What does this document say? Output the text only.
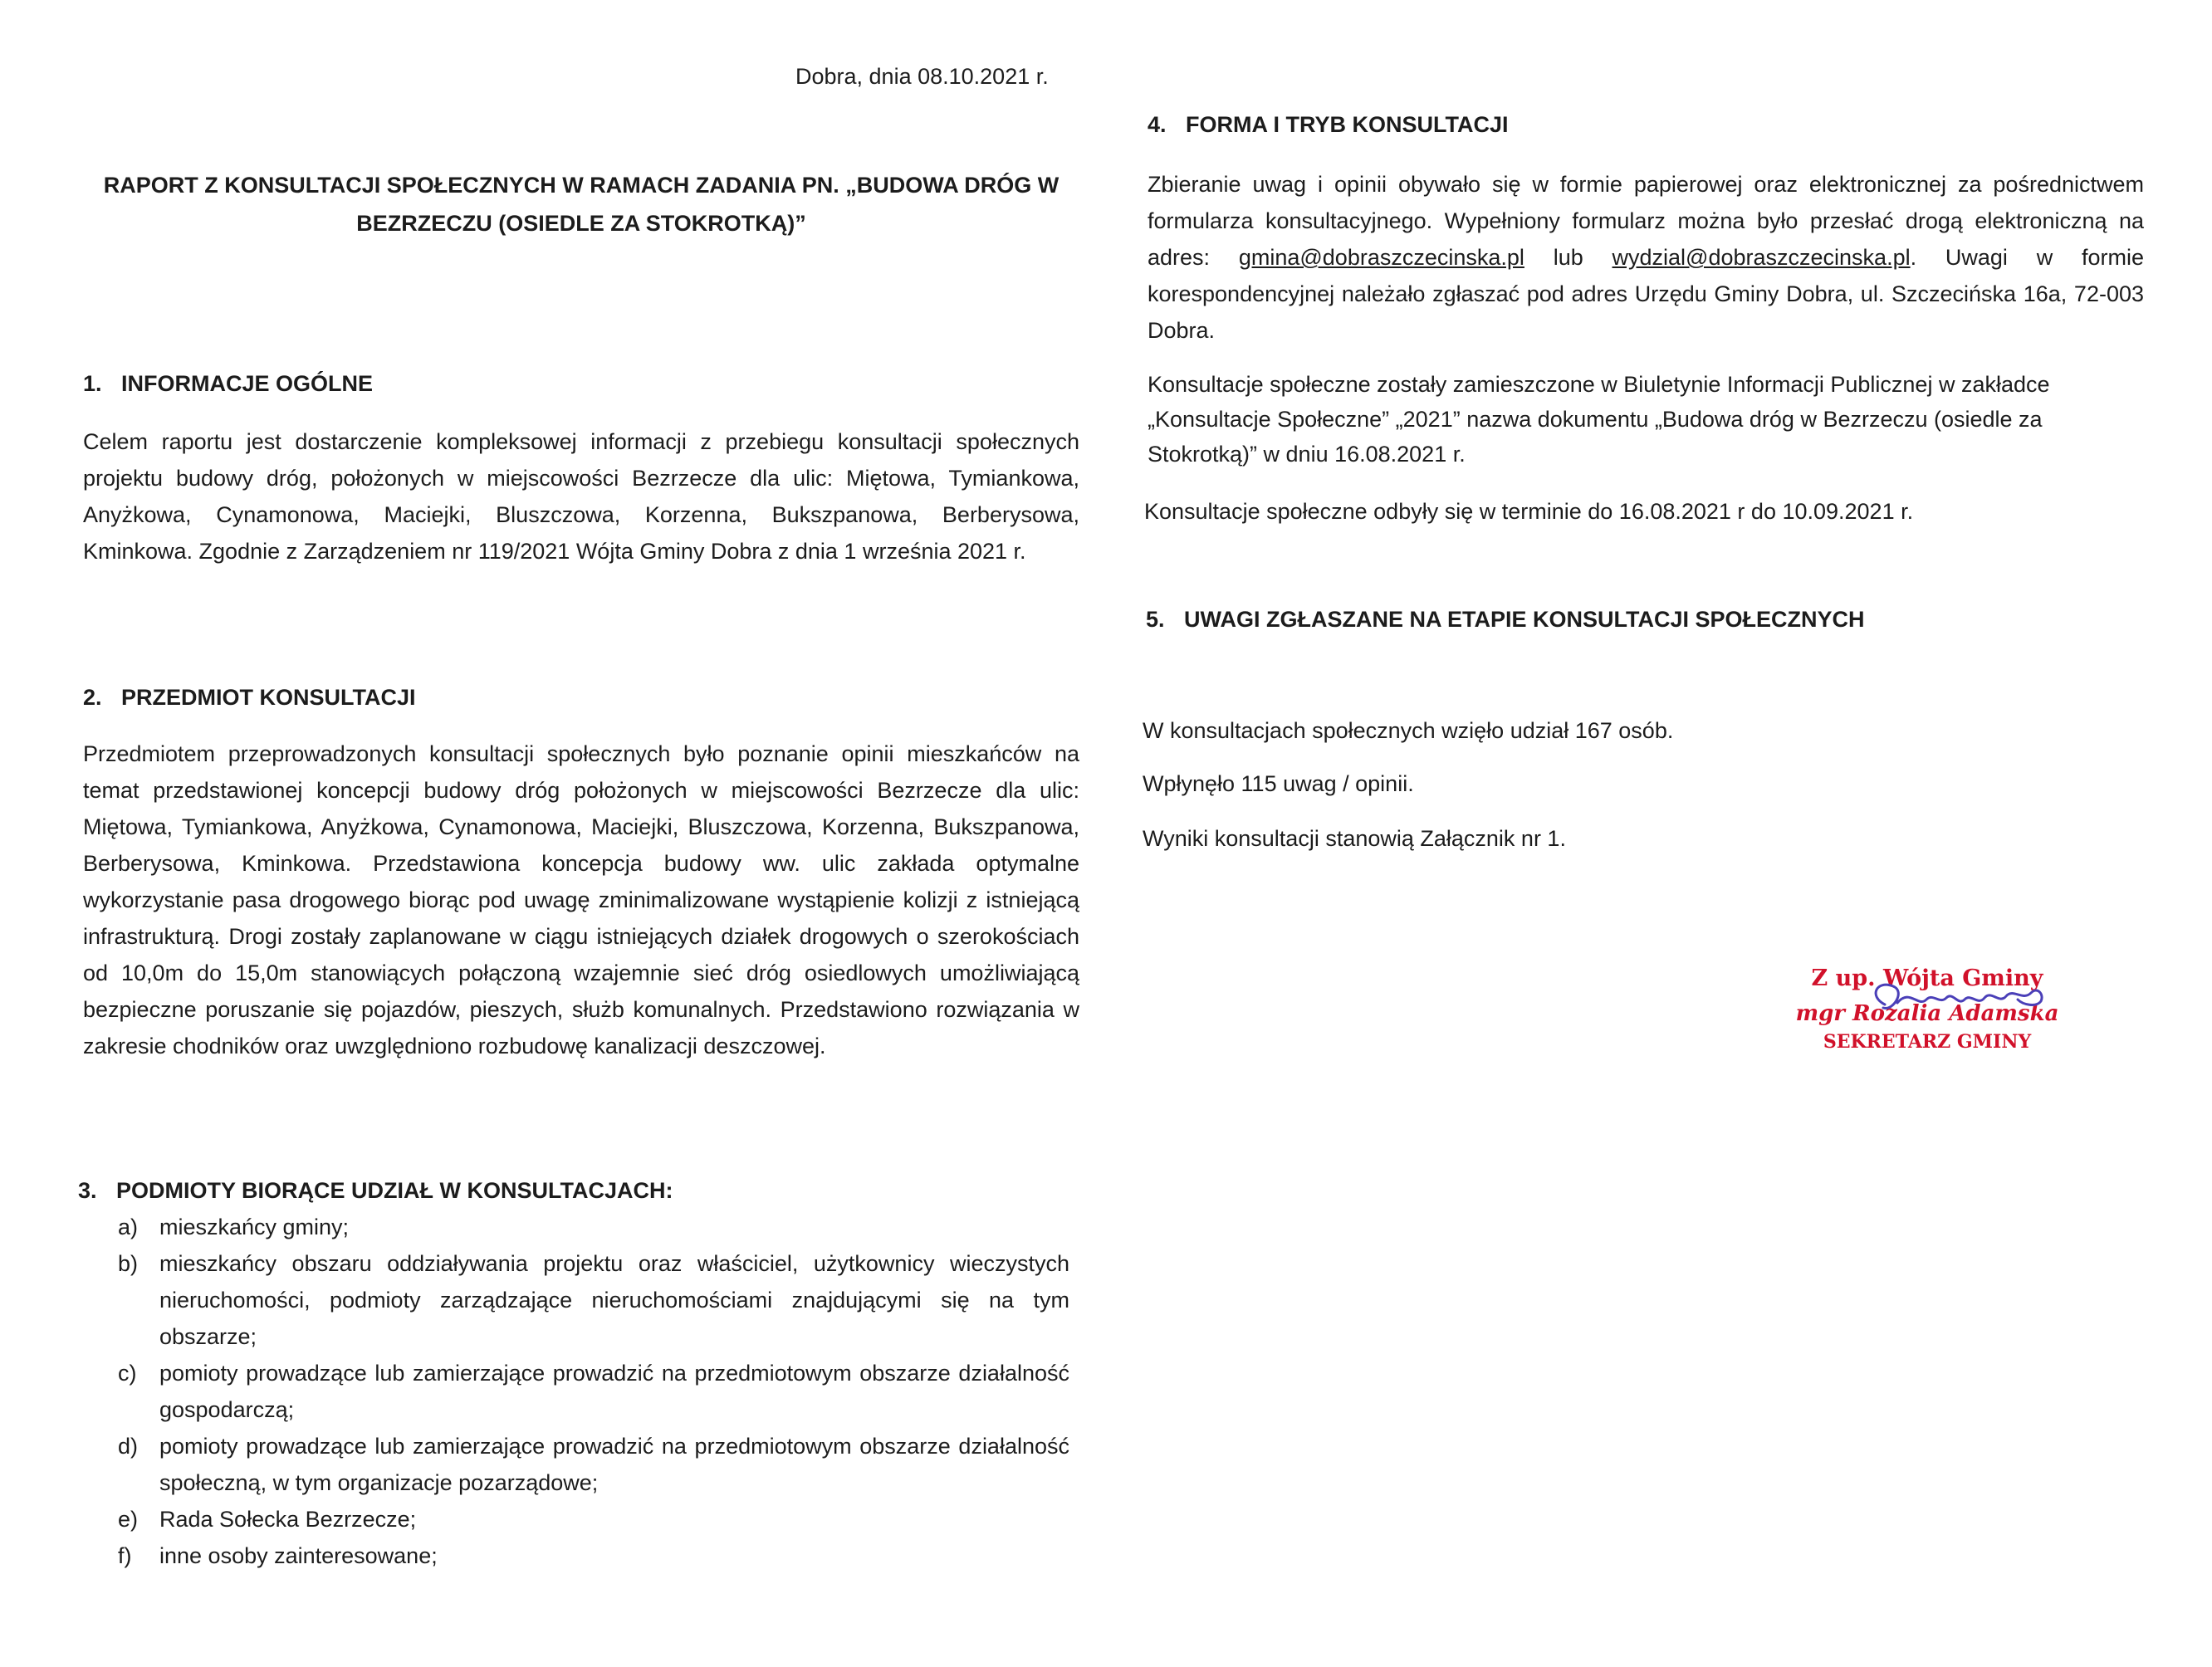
Dobra, dnia 08.10.2021 r.
RAPORT Z KONSULTACJI SPOŁECZNYCH W RAMACH ZADANIA PN. „BUDOWA DRÓG W BEZRZECZU (OSIEDLE ZA STOKROTKĄ)”
1. INFORMACJE OGÓLNE
Celem raportu jest dostarczenie kompleksowej informacji z przebiegu konsultacji społecznych projektu budowy dróg, położonych w miejscowości Bezrzecze dla ulic: Miętowa, Tymiankowa, Anyżkowa, Cynamonowa, Maciejki, Bluszczowa, Korzenna, Bukszpanowa, Berberysowa, Kminkowa. Zgodnie z Zarządzeniem nr 119/2021 Wójta Gminy Dobra z dnia 1 września 2021 r.
2. PRZEDMIOT KONSULTACJI
Przedmiotem przeprowadzonych konsultacji społecznych było poznanie opinii mieszkańców na temat przedstawionej koncepcji budowy dróg położonych w miejscowości Bezrzecze dla ulic: Miętowa, Tymiankowa, Anyżkowa, Cynamonowa, Maciejki, Bluszczowa, Korzenna, Bukszpanowa, Berberysowa, Kminkowa. Przedstawiona koncepcja budowy ww. ulic zakłada optymalne wykorzystanie pasa drogowego biorąc pod uwagę zminimalizowane wystąpienie kolizji z istniejącą infrastrukturą. Drogi zostały zaplanowane w ciągu istniejących działek drogowych o szerokościach od 10,0m do 15,0m stanowiących połączoną wzajemnie sieć dróg osiedlowych umożliwiającą bezpieczne poruszanie się pojazdów, pieszych, służb komunalnych. Przedstawiono rozwiązania w zakresie chodników oraz uwzględniono rozbudowę kanalizacji deszczowej.
3. PODMIOTY BIORĄCE UDZIAŁ W KONSULTACJACH:
a) mieszkańcy gminy;
b) mieszkańcy obszaru oddziaływania projektu oraz właściciel, użytkownicy wieczystych nieruchomości, podmioty zarządzające nieruchomościami znajdującymi się na tym obszarze;
c) pomioty prowadzące lub zamierzające prowadzić na przedmiotowym obszarze działalność gospodarczą;
d) pomioty prowadzące lub zamierzające prowadzić na przedmiotowym obszarze działalność społeczną, w tym organizacje pozarządowe;
e) Rada Sołecka Bezrzecze;
f) inne osoby zainteresowane;
4. FORMA I TRYB KONSULTACJI
Zbieranie uwag i opinii obywało się w formie papierowej oraz elektronicznej za pośrednictwem formularza konsultacyjnego. Wypełniony formularz można było przesłać drogą elektroniczną na adres: gmina@dobraszczecinska.pl lub wydzial@dobraszczecinska.pl. Uwagi w formie korespondencyjnej należało zgłaszać pod adres Urzędu Gminy Dobra, ul. Szczecińska 16a, 72-003 Dobra.
Konsultacje społeczne zostały zamieszczone w Biuletynie Informacji Publicznej w zakładce „Konsultacje Społeczne” „2021” nazwa dokumentu „Budowa dróg w Bezrzeczu (osiedle za Stokrotką)” w dniu 16.08.2021 r.
Konsultacje społeczne odbyły się w terminie do 16.08.2021 r do 10.09.2021 r.
5. UWAGI ZGŁASZANE NA ETAPIE KONSULTACJI SPOŁECZNYCH
W konsultacjach społecznych wzięło udział 167 osób.
Wpłynęło 115 uwag / opinii.
Wyniki konsultacji stanowią Załącznik nr 1.
Z up. Wójta Gminy
mgr Rozalia Adamska
SEKRETARZ GMINY
